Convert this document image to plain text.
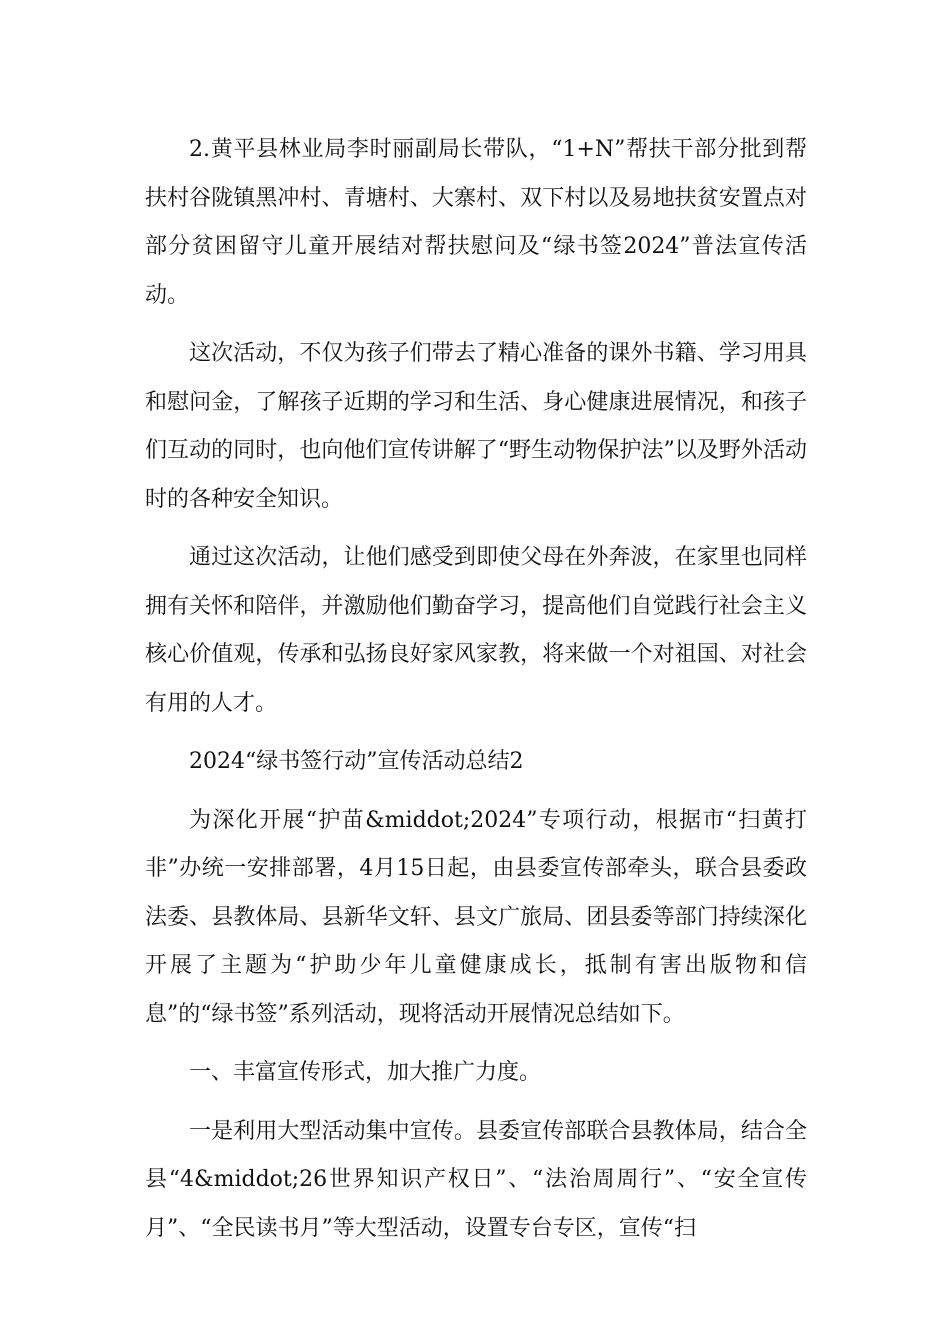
2.黄平县林业局李时丽副局长带队，“1+N”帮扶干部分批到帮扶村谷陇镇黑冲村、青塘村、大寨村、双下村以及易地扶贫安置点对部分贫困留守儿童开展结对帮扶慰问及“绿书签2024”普法宣传活动。

这次活动，不仅为孩子们带去了精心准备的课外书籍、学习用具和慰问金，了解孩子近期的学习和生活、身心健康进展情况，和孩子们互动的同时，也向他们宣传讲解了“野生动物保护法”以及野外活动时的各种安全知识。

通过这次活动，让他们感受到即使父母在外奔波，在家里也同样拥有关怀和陪伴，并激励他们勤奋学习，提高他们自觉践行社会主义核心价值观，传承和弘扬良好家风家教，将来做一个对祖国、对社会有用的人才。

2024“绿书签行动”宣传活动总结2

为深化开展“护苗&middot;2024”专项行动，根据市“扫黄打非”办统一安排部署，4月15日起，由县委宣传部牵头，联合县委政法委、县教体局、县新华文轩、县文广旅局、团县委等部门持续深化开展了主题为“护助少年儿童健康成长，抵制有害出版物和信息”的“绿书签”系列活动，现将活动开展情况总结如下。

一、丰富宣传形式，加大推广力度。

一是利用大型活动集中宣传。县委宣传部联合县教体局，结合全县“4&middot;26世界知识产权日”、“法治周周行”、“安全宣传月”、“全民读书月”等大型活动，设置专台专区，宣传“扫
